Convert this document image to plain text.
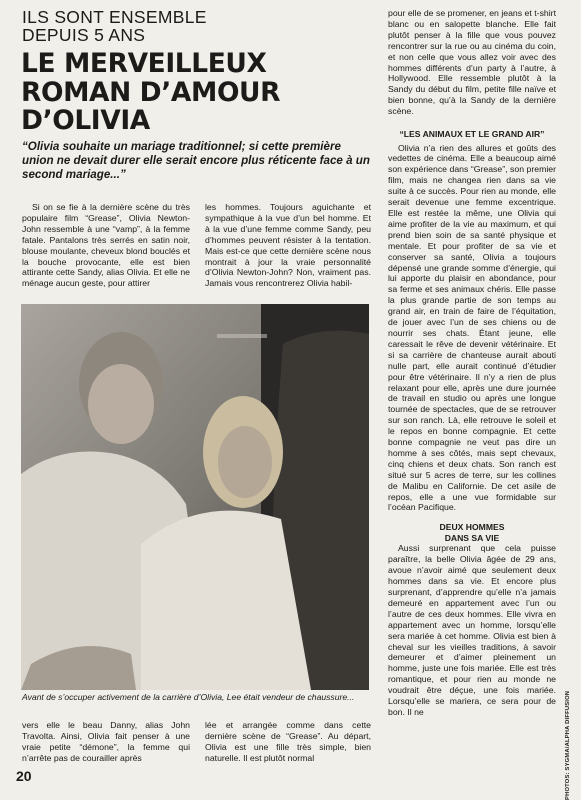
ILS SONT ENSEMBLE
DEPUIS 5 ANS
LE MERVEILLEUX
ROMAN D’AMOUR
D’OLIVIA
“Olivia souhaite un mariage traditionnel; si cette première union ne devait durer elle serait encore plus réticente face à un second mariage...”

Si on se fie à la dernière scène du très populaire film “Grease”, Olivia Newton-John ressemble à une “vamp”, à la femme fatale. Pantalons très serrés en satin noir, blouse moulante, cheveux blond bouclés et la bouche provocante, elle est bien attirante cette Sandy, alias Olivia. Et elle ne ménage aucun geste, pour attirer

les hommes. Toujours aguichante et sympathique à la vue d’un bel homme. Et à la vue d’une femme comme Sandy, peu d’hommes peuvent résister à la tentation. Mais est-ce que cette dernière scène nous montrait à jour la vraie personnalité d’Olivia Newton-John? Non, vraiment pas. Jamais vous rencontrerez Olivia habil-

pour elle de se promener, en jeans et t-shirt blanc ou en salopette blanche. Elle fait plutôt penser à la fille que vous pouvez rencontrer sur la rue ou au cinéma du coin, et non celle que vous allez voir avec des hommes différents d’un party à l’autre, à Hollywood. Elle ressemble plutôt à la Sandy du début du film, petite fille naïve et bien bonne, qu’à la Sandy de la dernière scène.
“LES ANIMAUX ET LE GRAND AIR”
Olivia n’a rien des allures et goûts des vedettes de cinéma. Elle a beaucoup aimé son expérience dans “Grease”, son premier film, mais ne changea rien dans sa vie suite à ce succès. Pour rien au monde, elle serait devenue une femme excentrique. Elle est restée la même, une Olivia qui aime profiter de la vie au maximum, et qui prend bien soin de sa santé physique et mentale. Et pour profiter de sa vie et conserver sa santé, Olivia a toujours dépensé une grande somme d’énergie, qui lui apporte du plaisir en abondance, pour sa ferme et ses animaux chéris. Elle passe la plus grande partie de son temps au grand air, en train de faire de l’équitation, de jouer avec l’un de ses chiens ou de nourrir ses chats. Étant jeune, elle caressait le rêve de devenir vétérinaire. Et si sa carrière de chanteuse aurait abouti nulle part, elle aurait continué d’étudier pour être vétérinaire. Il n’y a rien de plus relaxant pour elle, après une dure journée de travail en studio ou après une longue tournée de spectacles, que de se retrouver sur son ranch. Là, elle retrouve le soleil et le repos en bonne compagnie. Et cette bonne compagnie ne veut pas dire un homme à ses côtés, mais sept chevaux, cinq chiens et deux chats. Son ranch est situé sur 5 acres de terre, sur les collines de Malibu en Californie. De cet asile de repos, elle a une vue formidable sur l’océan Pacifique.
DEUX HOMMES
DANS SA VIE
Aussi surprenant que cela puisse paraître, la belle Olivia âgée de 29 ans, avoue n’avoir aimé que seulement deux hommes dans sa vie. Et encore plus surprenant, d’apprendre qu’elle n’a jamais demeuré en appartement avec l’un ou l’autre de ces deux hommes. Elle vivra en appartement avec un homme, lorsqu’elle sera mariée à cet homme. Olivia est bien à cheval sur les vieilles traditions, à savoir demeurer et d’aimer pleinement un homme, juste une fois mariée. Elle est très romantique, et pour rien au monde ne voudrait être déçue, une fois mariée. Lorsqu’elle se mariera, ce sera pour de bon. Il ne
Avant de s’occuper activement de la carrière d’Olivia, Lee était vendeur de chaussure...

vers elle le beau Danny, alias John Travolta. Ainsi, Olivia fait penser à une vraie petite “démone”, la femme qui n’arrête pas de courailler après

lée et arrangée comme dans cette dernière scène de “Grease”. Au départ, Olivia est une fille très simple, bien naturelle. Il est plutôt normal

20	PHOTOS: SYGMA/ALPHA DIFFUSION
